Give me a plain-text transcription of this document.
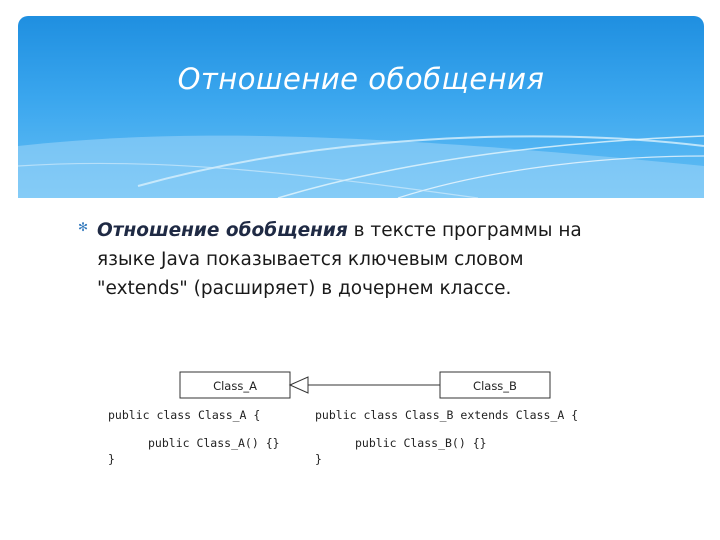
Отношение обобщения
✻ Отношение обобщения в тексте программы на
языке Java показывается ключевым словом
"extends" (расширяет) в дочернем классе.
Class_A	Class_B
public class Class_A {
public Class_A() {}
}
public class Class_B extends Class_A {
public Class_B() {}
}
